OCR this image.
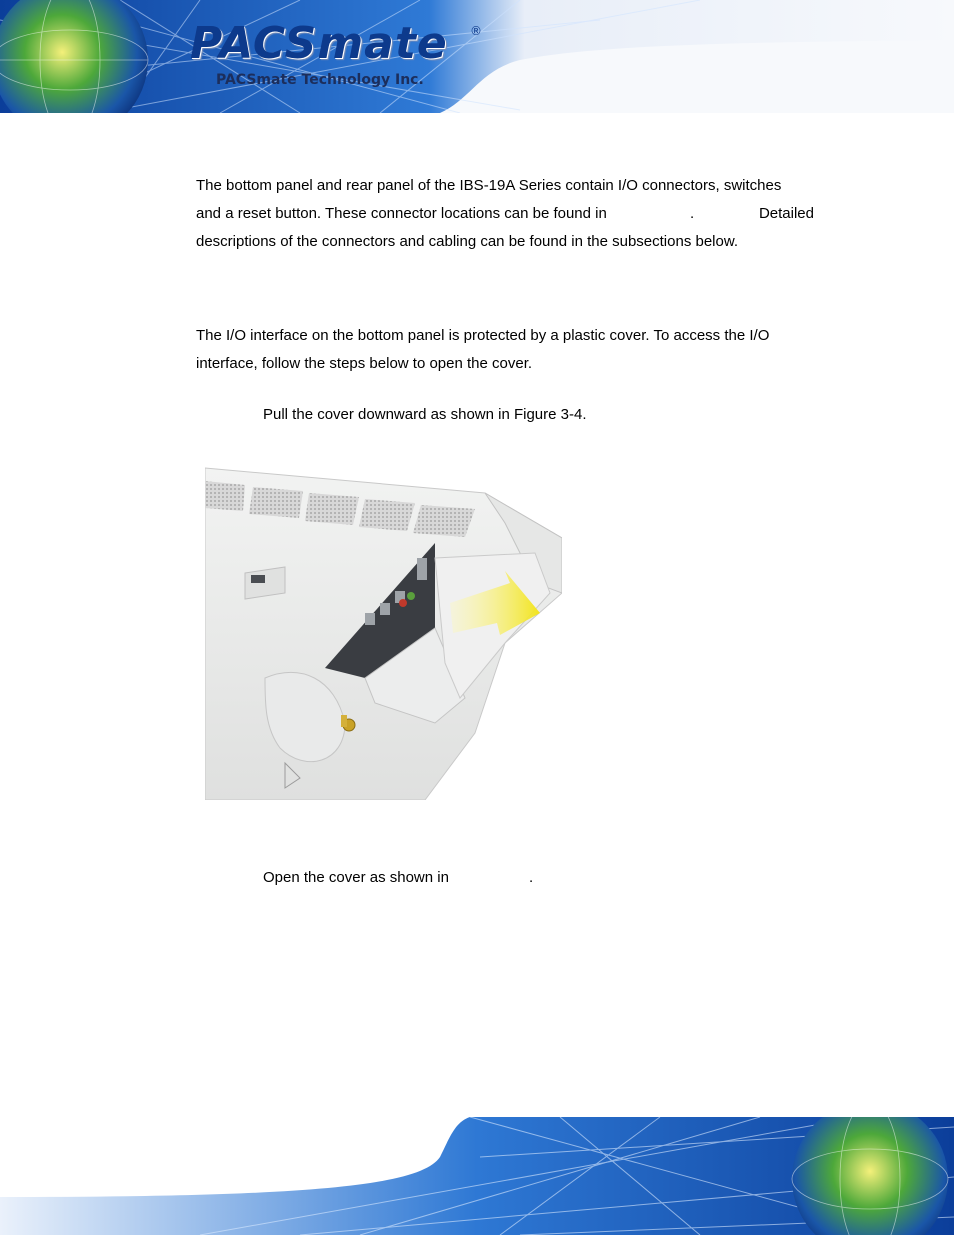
PACSmate ®
PACSmate Technology Inc.

The bottom panel and rear panel of the IBS-19A Series contain I/O connectors, switches

and a reset button. These connector locations can be found in	.	Detailed
descriptions of the connectors and cabling can be found in the subsections below.

The I/O interface on the bottom panel is protected by a plastic cover. To access the I/O
interface, follow the steps below to open the cover.

Pull the cover downward as shown in Figure 3-4.
Open the cover as shown in	.
